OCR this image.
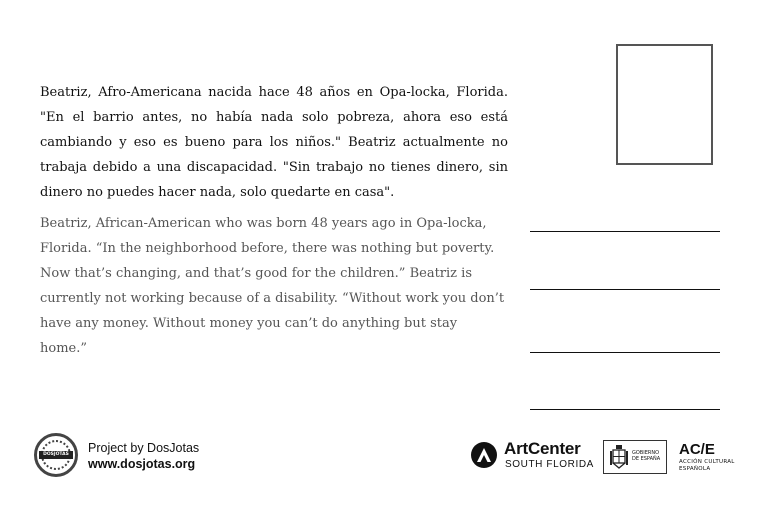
Beatriz, Afro-Americana nacida hace 48 años en Opa-locka, Florida. "En el barrio antes, no había nada solo pobreza, ahora eso está cambiando y eso es bueno para los niños." Beatriz actualmente no trabaja debido a una discapacidad. "Sin trabajo no tienes dinero, sin dinero no puedes hacer nada, solo quedarte en casa".
Beatriz, African-American who was born 48 years ago in Opa-locka, Florida. “In the neighborhood before, there was nothing but poverty. Now that’s changing, and that’s good for the children.” Beatriz is currently not working because of a disability. “Without work you don’t have any money. Without money you can’t do anything but stay home.”
DOSJOTAS Project by DosJotas
www.dosjotas.org
ArtCenter
SOUTH FLORIDA
GOBIERNO
DE ESPAÑA
AC/E
ACCIÓN CULTURAL
ESPAÑOLA
